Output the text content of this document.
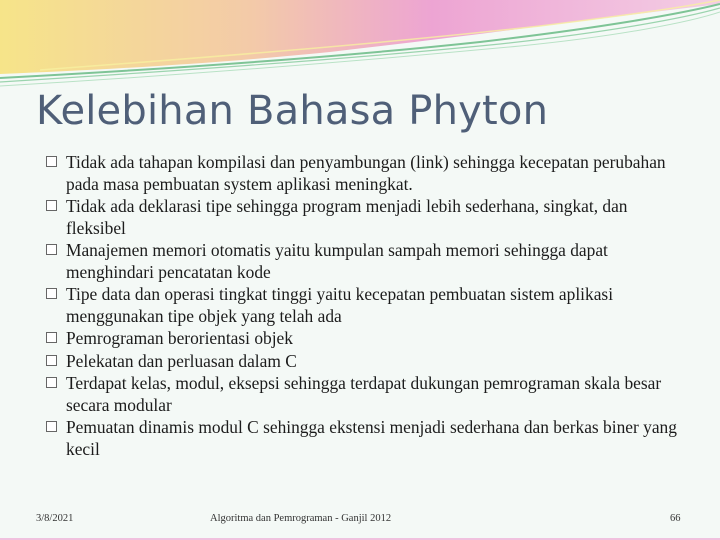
Kelebihan Bahasa Phyton
Tidak ada tahapan kompilasi dan penyambungan (link) sehingga kecepatan perubahan pada masa pembuatan system aplikasi meningkat.
Tidak ada deklarasi tipe sehingga program menjadi lebih sederhana, singkat, dan fleksibel
Manajemen memori otomatis yaitu kumpulan sampah memori sehingga dapat menghindari pencatatan kode
Tipe data dan operasi tingkat tinggi yaitu kecepatan pembuatan sistem aplikasi menggunakan tipe objek yang telah ada
Pemrograman berorientasi objek
Pelekatan dan perluasan dalam C
Terdapat kelas, modul, eksepsi sehingga terdapat dukungan pemrograman skala besar secara modular
Pemuatan dinamis modul C sehingga ekstensi menjadi sederhana dan berkas biner yang kecil
3/8/2021	Algoritma dan Pemrograman - Ganjil 2012	66
